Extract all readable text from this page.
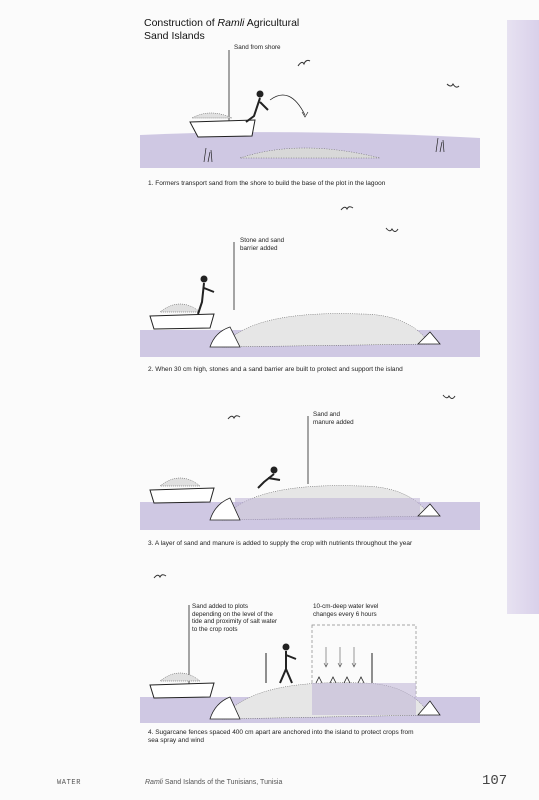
Construction of Ramli Agricultural
Sand Islands
Sand from shore
1. Formers transport sand from the shore to build the base of the plot in the lagoon
Stone and sand
barrier added
2. When 30 cm high, stones and a sand barrier are built to protect and support the island
Sand and
manure added
3. A layer of sand and manure is added to supply the crop with nutrients throughout the year
Sand added to plots
depending on the level of the
tide and proximity of salt water
to the crop roots
10-cm-deep water level
changes every 6 hours
4. Sugarcane fences spaced 400 cm apart are anchored into the island to protect crops from
sea spray and wind
WATER	Ramli Sand Islands of the Tunisians, Tunisia	107
